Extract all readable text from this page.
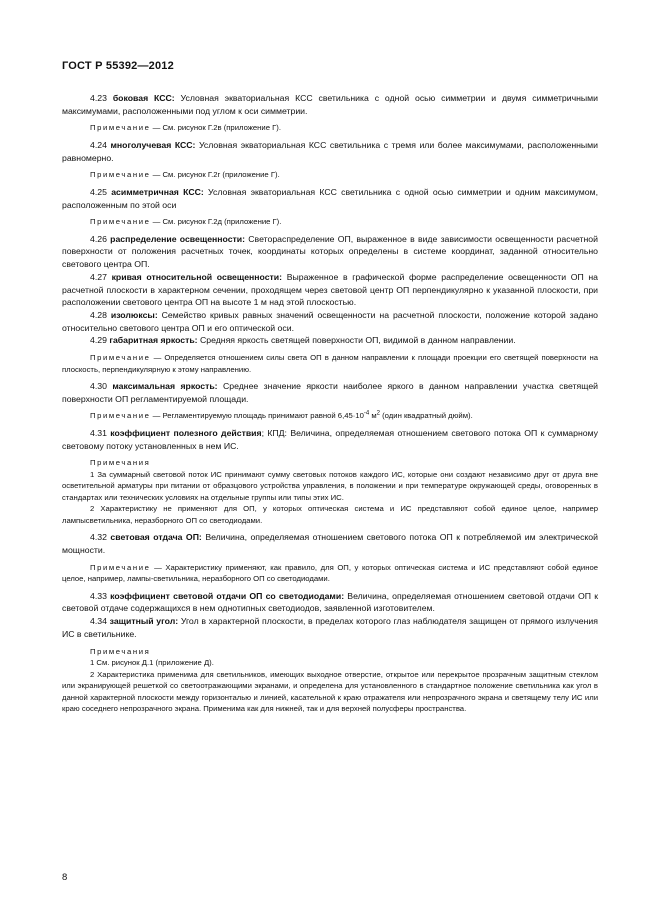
ГОСТ Р 55392—2012

4.23 боковая КСС: Условная экваториальная КСС светильника с одной осью симметрии и двумя симметричными максимумами, расположенными под углом к оси симметрии.

Примечание — См. рисунок Г.2в (приложение Г).

4.24 многолучевая КСС: Условная экваториальная КСС светильника с тремя или более максимумами, расположенными равномерно.

Примечание — См. рисунок Г.2г (приложение Г).

4.25 асимметричная КСС: Условная экваториальная КСС светильника с одной осью симметрии и одним максимумом, расположенным по этой оси

Примечание — См. рисунок Г.2д (приложение Г).

4.26 распределение освещенности: Светораспределение ОП, выраженное в виде зависимости освещенности расчетной поверхности от положения расчетных точек, координаты которых определены в системе координат, заданной относительно светового центра ОП.

4.27 кривая относительной освещенности: Выраженное в графической форме распределение освещенности ОП на расчетной плоскости в характерном сечении, проходящем через световой центр ОП перпендикулярно к указанной плоскости, при расположении светового центра ОП на высоте 1 м над этой плоскостью.

4.28 изолюксы: Семейство кривых равных значений освещенности на расчетной плоскости, положение которой задано относительно светового центра ОП и его оптической оси.

4.29 габаритная яркость: Средняя яркость светящей поверхности ОП, видимой в данном направлении.

Примечание — Определяется отношением силы света ОП в данном направлении к площади проекции его светящей поверхности на плоскость, перпендикулярную к этому направлению.

4.30 максимальная яркость: Среднее значение яркости наиболее яркого в данном направлении участка светящей поверхности ОП регламентируемой площади.

Примечание — Регламентируемую площадь принимают равной $6,45\cdot 10^{-4}$ $м^2$ (один квадратный дюйм).

4.31 коэффициент полезного действия; КПД: Величина, определяемая отношением светового потока ОП к суммарному световому потоку установленных в нем ИС.

Примечания

1 За суммарный световой поток ИС принимают сумму световых потоков каждого ИС, которые они создают независимо друг от друга вне осветительной арматуры при питании от образцового устройства управления, в положении и при температуре окружающей среды, оговоренных в стандартах или технических условиях на отдельные группы или типы этих ИС.

2 Характеристику не применяют для ОП, у которых оптическая система и ИС представляют собой единое целое, например лампысветильника, неразборного ОП со светодиодами.

4.32 световая отдача ОП: Величина, определяемая отношением светового потока ОП к потребляемой им электрической мощности.

Примечание — Характеристику применяют, как правило, для ОП, у которых оптическая система и ИС представляют собой единое целое, например, лампы-светильника, неразборного ОП со светодиодами.

4.33 коэффициент световой отдачи ОП со светодиодами: Величина, определяемая отношением световой отдачи ОП к световой отдаче содержащихся в нем однотипных светодиодов, заявленной изготовителем.

4.34 защитный угол: Угол в характерной плоскости, в пределах которого глаз наблюдателя защищен от прямого излучения ИС в светильнике.

Примечания

1 См. рисунок Д.1 (приложение Д).

2 Характеристика применима для светильников, имеющих выходное отверстие, открытое или перекрытое прозрачным защитным стеклом или экранирующей решеткой со светоотражающими экранами, и определена для установленного в стандартное положение светильника как угол в данной характерной плоскости между горизонталью и линией, касательной к краю отражателя или непрозрачного экрана и светящему телу ИС или краю соседнего непрозрачного экрана. Применима как для нижней, так и для верхней полусферы пространства.

8
